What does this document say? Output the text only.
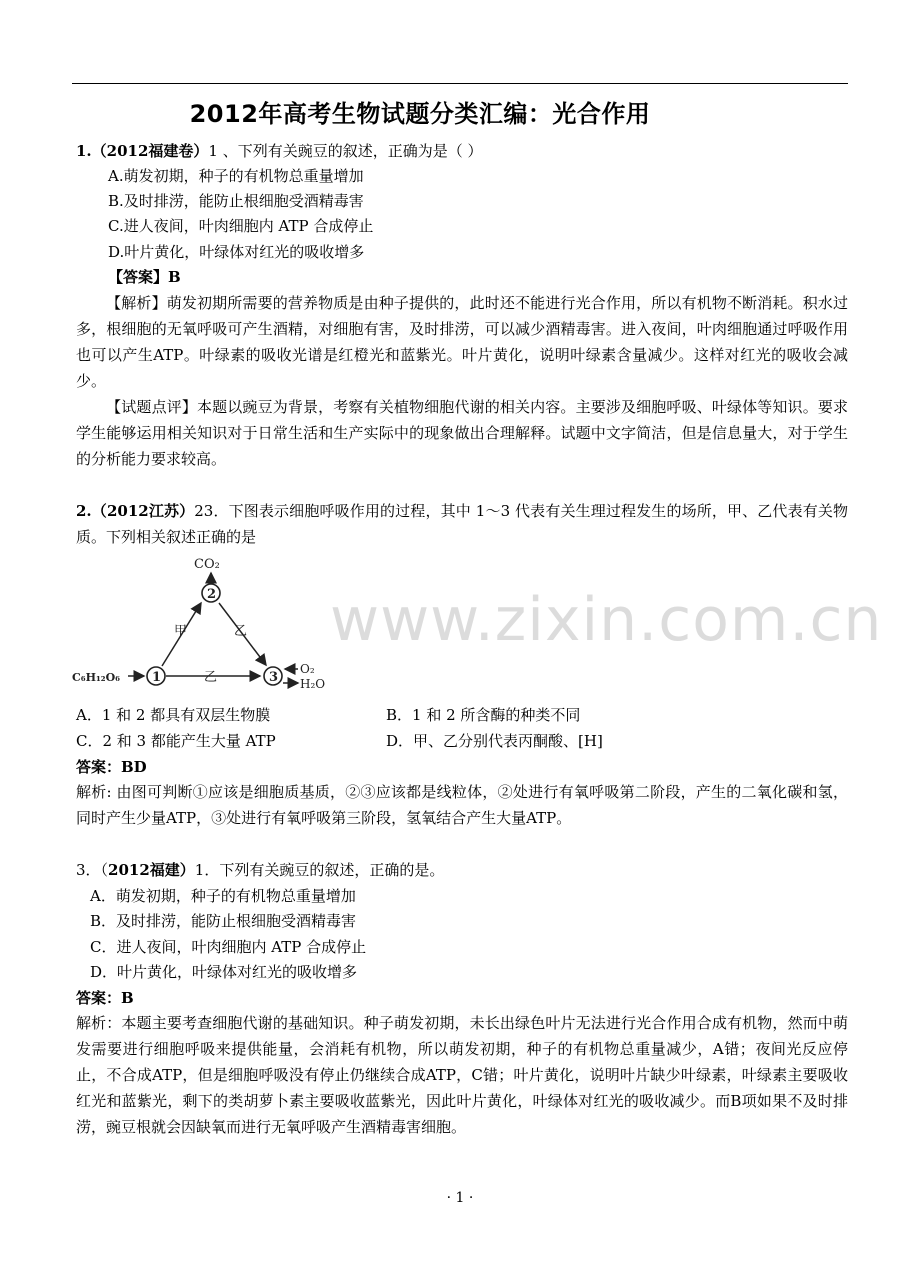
2012年高考生物试题分类汇编：光合作用
www.zixin.com.cn
1.（2012福建卷）1 、下列有关豌豆的叙述，正确为是（ ）
A.萌发初期，种子的有机物总重量增加
B.及时排涝，能防止根细胞受酒精毒害
C.进人夜间，叶肉细胞内 ATP 合成停止
D.叶片黄化，叶绿体对红光的吸收增多
【答案】B
【解析】萌发初期所需要的营养物质是由种子提供的，此时还不能进行光合作用，所以有机物不断消耗。积水过多，根细胞的无氧呼吸可产生酒精，对细胞有害，及时排涝，可以减少酒精毒害。进入夜间，叶肉细胞通过呼吸作用也可以产生ATP。叶绿素的吸收光谱是红橙光和蓝紫光。叶片黄化，说明叶绿素含量减少。这样对红光的吸收会减少。
【试题点评】本题以豌豆为背景，考察有关植物细胞代谢的相关内容。主要涉及细胞呼吸、叶绿体等知识。要求学生能够运用相关知识对于日常生活和生产实际中的现象做出合理解释。试题中文字简洁，但是信息量大，对于学生的分析能力要求较高。
2.（2012江苏）23．下图表示细胞呼吸作用的过程，其中 1～3 代表有关生理过程发生的场所，甲、乙代表有关物质。下列相关叙述正确的是
CO₂
2
1	3
C₆H₁₂O₆
甲	乙
乙
O₂
H₂O
A．1 和 2 都具有双层生物膜	B．1 和 2 所含酶的种类不同
C．2 和 3 都能产生大量 ATP	D．甲、乙分别代表丙酮酸、[H]
答案：BD
解析: 由图可判断①应该是细胞质基质，②③应该都是线粒体，②处进行有氧呼吸第二阶段，产生的二氧化碳和氢，同时产生少量ATP，③处进行有氧呼吸第三阶段，氢氧结合产生大量ATP。
3．（2012福建）1．下列有关豌豆的叙述，正确的是。
A．萌发初期，种子的有机物总重量增加
B．及时排涝，能防止根细胞受酒精毒害
C．进人夜间，叶肉细胞内 ATP 合成停止
D．叶片黄化，叶绿体对红光的吸收增多
答案：B
解析：本题主要考查细胞代谢的基础知识。种子萌发初期，未长出绿色叶片无法进行光合作用合成有机物，然而中萌发需要进行细胞呼吸来提供能量，会消耗有机物，所以萌发初期，种子的有机物总重量减少，A错；夜间光反应停止，不合成ATP，但是细胞呼吸没有停止仍继续合成ATP，C错；叶片黄化，说明叶片缺少叶绿素，叶绿素主要吸收红光和蓝紫光，剩下的类胡萝卜素主要吸收蓝紫光，因此叶片黄化，叶绿体对红光的吸收减少。而B项如果不及时排涝，豌豆根就会因缺氧而进行无氧呼吸产生酒精毒害细胞。
· 1 ·
